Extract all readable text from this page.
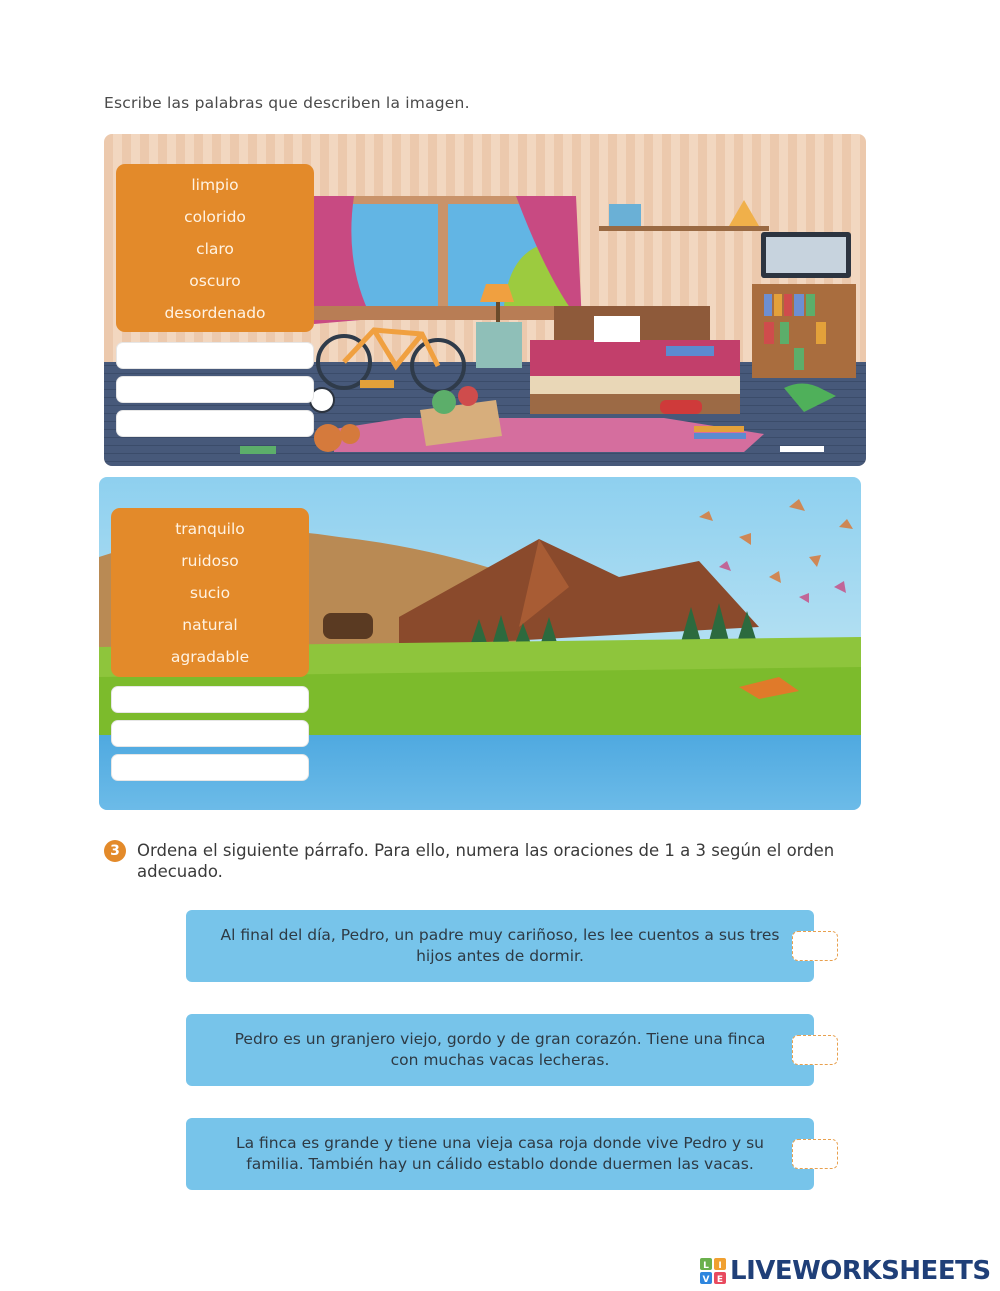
Escribe las palabras que describen la imagen.
limpio
colorido
claro
oscuro
desordenado
tranquilo
ruidoso
sucio
natural
agradable
3	Ordena el siguiente párrafo. Para ello, numera las oraciones de 1 a 3 según el orden adecuado.
Al final del día, Pedro, un padre muy cariñoso, les lee cuentos a sus tres hijos antes de dormir.
Pedro es un granjero viejo, gordo y de gran corazón. Tiene una finca con muchas vacas lecheras.
La finca es grande y tiene una vieja casa roja donde vive Pedro y su familia. También hay un cálido establo donde duermen las vacas.
L I
V E LIVEWORKSHEETS
